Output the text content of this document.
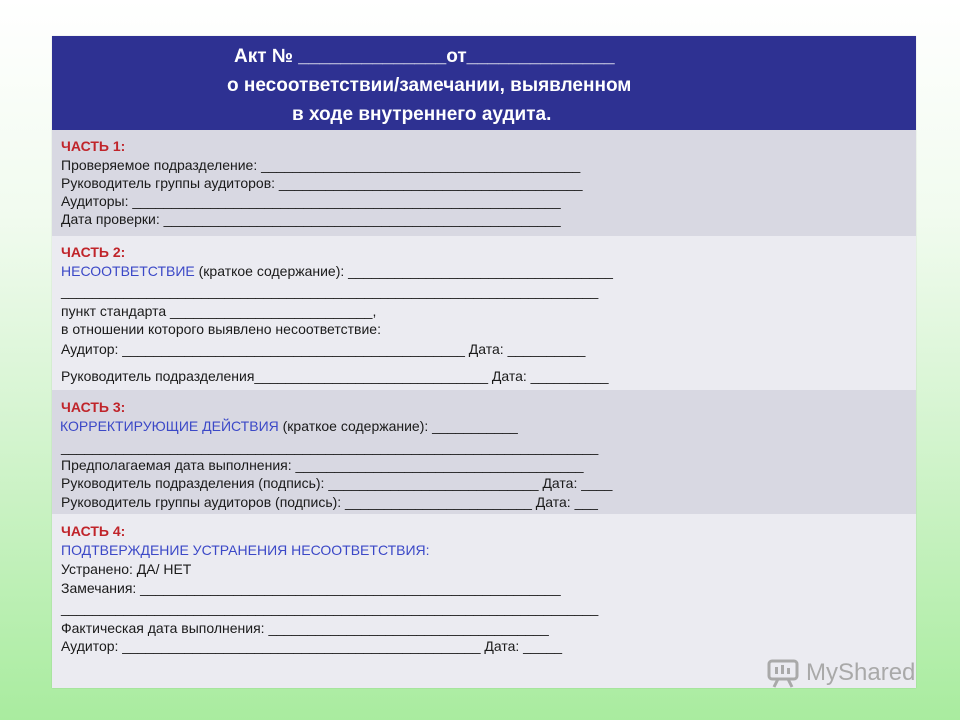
Акт № ______________от______________
о несоответствии/замечании, выявленном
в ходе внутреннего аудита.
ЧАСТЬ 1:
Проверяемое подразделение: _________________________________________
Руководитель группы аудиторов: _______________________________________
Аудиторы: _______________________________________________________
Дата проверки: ___________________________________________________
ЧАСТЬ 2:
НЕСООТВЕТСТВИЕ (краткое содержание): __________________________________
_____________________________________________________________________
пункт стандарта __________________________,
в отношении которого выявлено несоответствие:
Аудитор: ____________________________________________ Дата: __________
Руководитель подразделения______________________________ Дата: __________
ЧАСТЬ 3:
КОРРЕКТИРУЮЩИЕ ДЕЙСТВИЯ (краткое содержание): ___________
_____________________________________________________________________
Предполагаемая дата выполнения: _____________________________________
Руководитель подразделения (подпись): ___________________________ Дата: ____
Руководитель группы аудиторов (подпись): ________________________ Дата: ___
ЧАСТЬ 4:
ПОДТВЕРЖДЕНИЕ УСТРАНЕНИЯ НЕСООТВЕТСТВИЯ:
Устранено: ДА/ НЕТ
Замечания: ______________________________________________________
_____________________________________________________________________
Фактическая дата выполнения: ____________________________________
Аудитор: ______________________________________________ Дата: _____
MyShared
